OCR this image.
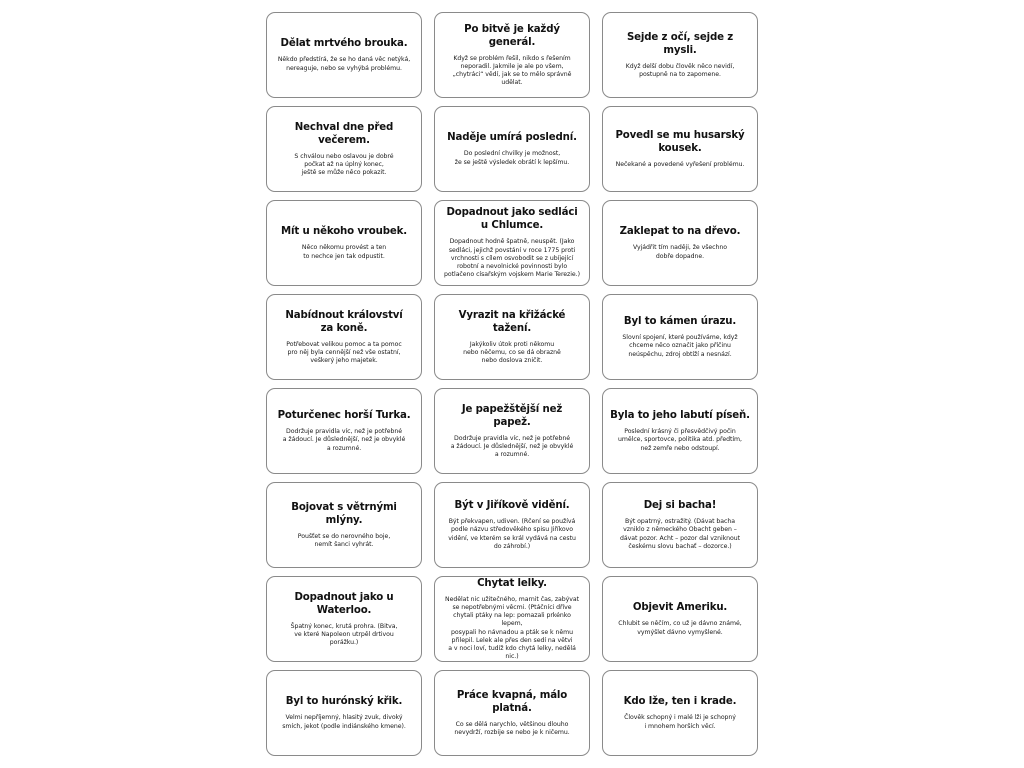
Dělat mrtvého brouka.

Někdo předstírá, že se ho daná věc netýká,
nereaguje, nebo se vyhýbá problému.

Po bitvě je každý generál.

Když se problém řešil, nikdo s řešením
neporadil. Jakmile je ale po všem,
„chytráci“ vědí, jak se to mělo správně
udělat.

Sejde z očí, sejde z mysli.

Když delší dobu člověk něco nevidí,
postupně na to zapomene.

Nechval dne před večerem.

S chválou nebo oslavou je dobré
počkat až na úplný konec,
ještě se může něco pokazit.

Naděje umírá poslední.

Do poslední chvilky je možnost,
že se ještě výsledek obrátí k lepšímu.

Povedl se mu husarský
kousek.

Nečekané a povedené vyřešení problému.

Mít u někoho vroubek.

Něco někomu provést a ten
to nechce jen tak odpustit.

Dopadnout jako sedláci
u Chlumce.

Dopadnout hodně špatně, neuspět. (Jako
sedláci, jejichž povstání v roce 1775 proti
vrchnosti s cílem osvobodit se z ubíjející
robotní a nevolnické povinnosti bylo
potlačeno císařským vojskem Marie Terezie.)

Zaklepat to na dřevo.

Vyjádřit tím naději, že všechno
dobře dopadne.

Nabídnout království
za koně.

Potřebovat velikou pomoc a ta pomoc
pro něj byla cennější než vše ostatní,
veškerý jeho majetek.

Vyrazit na křižácké tažení.

Jakýkoliv útok proti někomu
nebo něčemu, co se dá obrazně
nebo doslova zničit.

Byl to kámen úrazu.

Slovní spojení, které používáme, když
chceme něco označit jako příčinu
neúspěchu, zdroj obtíží a nesnází.

Poturčenec horší Turka.

Dodržuje pravidla víc, než je potřebné
a žádoucí. Je důslednější, než je obvyklé
a rozumné.

Je papežštější než papež.

Dodržuje pravidla víc, než je potřebné
a žádoucí. Je důslednější, než je obvyklé
a rozumné.

Byla to jeho labutí píseň.

Poslední krásný či přesvědčivý počin
umělce, sportovce, politika atd. předtím,
než zemře nebo odstoupí.

Bojovat s větrnými mlýny.

Poušťet se do nerovného boje,
nemít šanci vyhrát.

Být v Jiříkově vidění.

Být překvapen, udiven. (Rčení se používá
podle názvu středověkého spisu Jiříkovo
vidění, ve kterém se král vydává na cestu
do záhrobí.)

Dej si bacha!

Být opatrný, ostražitý. (Dávat bacha
vzniklo z německého Obacht geben –
dávat pozor. Acht – pozor dal vzniknout
českému slovu bachať – dozorce.)

Dopadnout jako u Waterloo.

Špatný konec, krutá prohra. (Bitva,
ve které Napoleon utrpěl drtivou
porážku.)

Chytat lelky.

Nedělat nic užitečného, marnit čas, zabývat
se nepotřebnými věcmi. (Ptáčníci dříve
chytali ptáky na lep: pomazali prkénko lepem,
posypali ho návnadou a pták se k němu
přilepil. Lelek ale přes den sedí na větvi
a v noci loví, tudíž kdo chytá lelky, nedělá nic.)

Objevit Ameriku.

Chlubit se něčím, co už je dávno známé,
vymýšlet dávno vymyšlené.

Byl to hurónský křik.

Velmi nepříjemný, hlasitý zvuk, divoký
smích, jekot (podle indiánského kmene).

Práce kvapná, málo platná.

Co se dělá narychlo, většinou dlouho
nevydrží, rozbije se nebo je k ničemu.

Kdo lže, ten i krade.

Člověk schopný i malé lži je schopný
i mnohem horších věcí.
